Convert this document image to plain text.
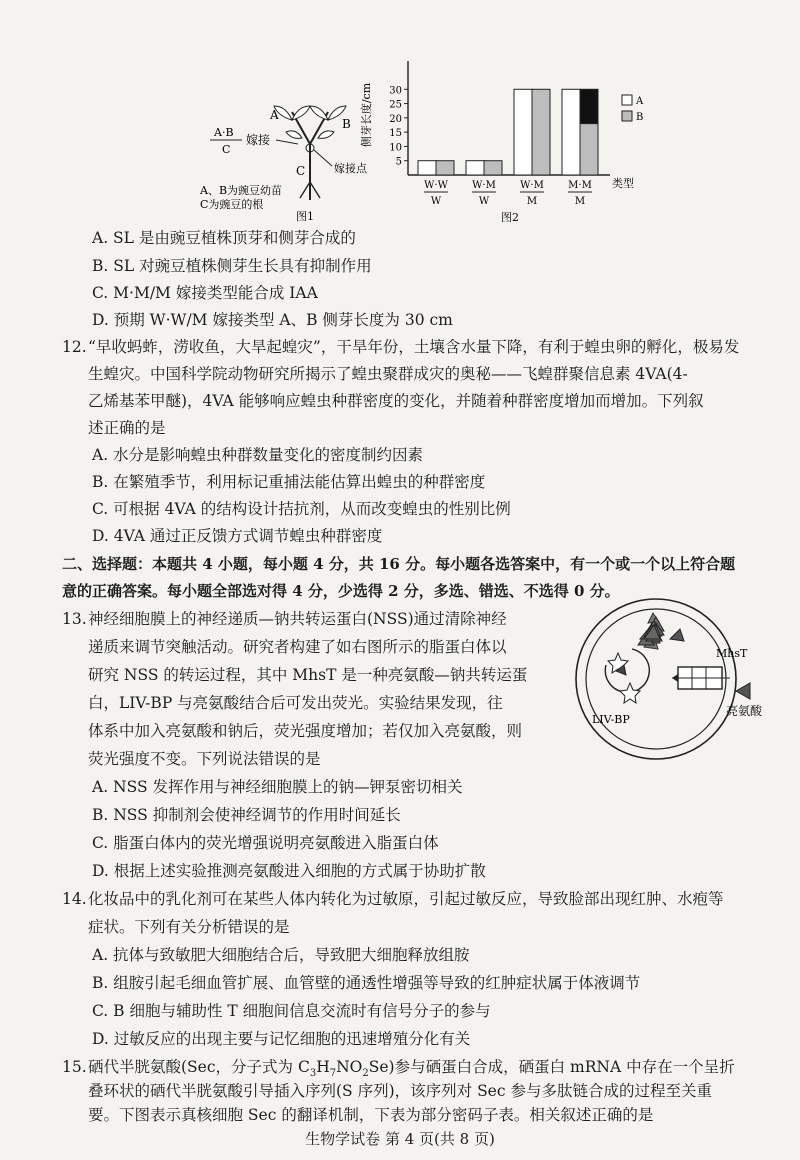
A
B
C
A·B
C
嫁接
嫁接点
A、B为豌豆幼苗
C为豌豆的根
图1
侧芽长度/cm
5
10
15
20
25
30
W·W
W
W·M
W
W·M
M
M·M
M
类型
A
B
图2
A. SL 是由豌豆植株顶芽和侧芽合成的
B. SL 对豌豆植株侧芽生长具有抑制作用
C. M·M/M 嫁接类型能合成 IAA
D. 预期 W·W/M 嫁接类型 A、B 侧芽长度为 30 cm
12. “早收蚂蚱，涝收鱼，大旱起蝗灾”，干旱年份，土壤含水量下降，有利于蝗虫卵的孵化，极易发
生蝗灾。中国科学院动物研究所揭示了蝗虫聚群成灾的奥秘——飞蝗群聚信息素 4VA(4-
乙烯基苯甲醚)，4VA 能够响应蝗虫种群密度的变化，并随着种群密度增加而增加。下列叙
述正确的是
A. 水分是影响蝗虫种群数量变化的密度制约因素
B. 在繁殖季节，利用标记重捕法能估算出蝗虫的种群密度
C. 可根据 4VA 的结构设计拮抗剂，从而改变蝗虫的性别比例
D. 4VA 通过正反馈方式调节蝗虫种群密度
二、选择题：本题共 4 小题，每小题 4 分，共 16 分。每小题各选答案中，有一个或一个以上符合题
意的正确答案。每小题全部选对得 4 分，少选得 2 分，多选、错选、不选得 0 分。
13. 神经细胞膜上的神经递质—钠共转运蛋白(NSS)通过清除神经
递质来调节突触活动。研究者构建了如右图所示的脂蛋白体以
研究 NSS 的转运过程，其中 MhsT 是一种亮氨酸—钠共转运蛋
白，LIV-BP 与亮氨酸结合后可发出荧光。实验结果发现，往
体系中加入亮氨酸和钠后，荧光强度增加；若仅加入亮氨酸，则
荧光强度不变。下列说法错误的是
A. NSS 发挥作用与神经细胞膜上的钠—钾泵密切相关
B. NSS 抑制剂会使神经调节的作用时间延长
C. 脂蛋白体内的荧光增强说明亮氨酸进入脂蛋白体
D. 根据上述实验推测亮氨酸进入细胞的方式属于协助扩散
MhsT
LIV-BP
亮氨酸
14. 化妆品中的乳化剂可在某些人体内转化为过敏原，引起过敏反应，导致脸部出现红肿、水疱等
症状。下列有关分析错误的是
A. 抗体与致敏肥大细胞结合后，导致肥大细胞释放组胺
B. 组胺引起毛细血管扩展、血管壁的通透性增强等导致的红肿症状属于体液调节
C. B 细胞与辅助性 T 细胞间信息交流时有信号分子的参与
D. 过敏反应的出现主要与记忆细胞的迅速增殖分化有关
15. 硒代半胱氨酸(Sec，分子式为 $C_3H_7NO_2Se$)参与硒蛋白合成，硒蛋白 mRNA 中存在一个呈折
叠环状的硒代半胱氨酸引导插入序列(S 序列)，该序列对 Sec 参与多肽链合成的过程至关重
生物学试卷 第 4 页(共 8 页)
要。下图表示真核细胞 Sec 的翻译机制，下表为部分密码子表。相关叙述正确的是
